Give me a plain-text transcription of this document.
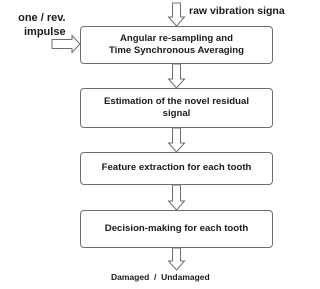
raw vibration signa
one / rev.
impulse	Angular re-sampling and
Time Synchronous Averaging
Estimation of the novel residual
signal
Feature extraction for each tooth
Decision-making for each tooth
Damaged  /  Undamaged
